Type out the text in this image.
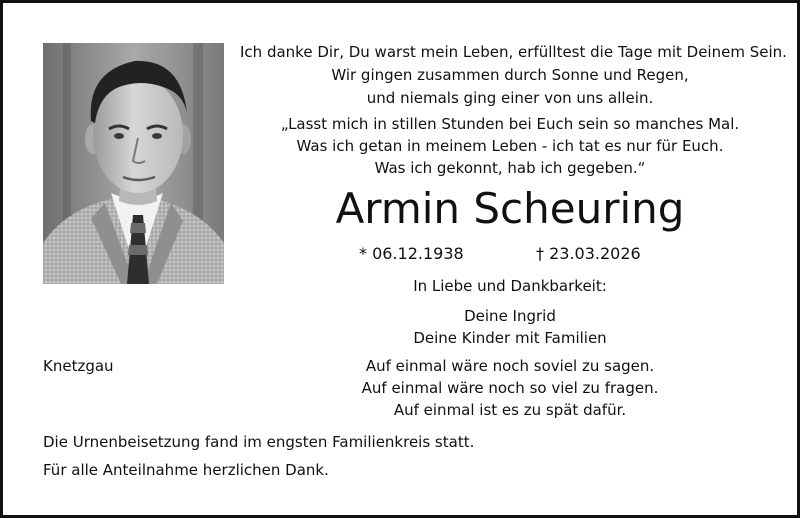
Ich danke Dir, Du warst mein Leben, erfülltest die Tage mit Deinem Sein.
Wir gingen zusammen durch Sonne und Regen,
und niemals ging einer von uns allein.
„Lasst mich in stillen Stunden bei Euch sein so manches Mal.
Was ich getan in meinem Leben - ich tat es nur für Euch.
Was ich gekonnt, hab ich gegeben.“
Armin Scheuring
* 06.12.1938	† 23.03.2026
In Liebe und Dankbarkeit:
Deine Ingrid
Deine Kinder mit Familien
Knetzgau	Auf einmal wäre noch soviel zu sagen.
Auf einmal wäre noch so viel zu fragen.
Auf einmal ist es zu spät dafür.
Die Urnenbeisetzung fand im engsten Familienkreis statt.
Für alle Anteilnahme herzlichen Dank.
